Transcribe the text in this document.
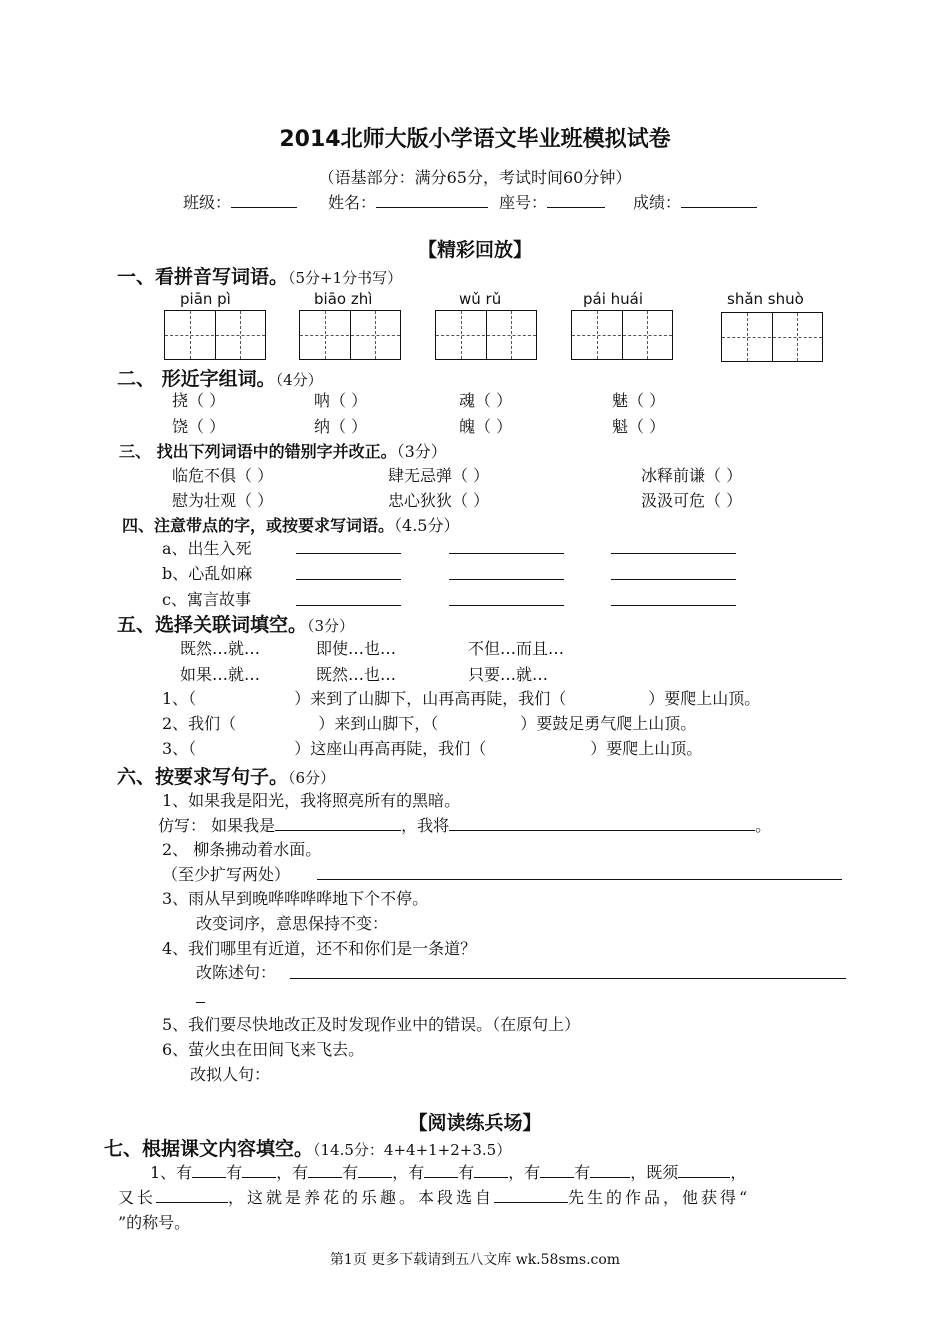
2014北师大版小学语文毕业班模拟试卷
（语基部分：满分65分，考试时间60分钟）
班级：	姓名：	座号：	成绩：
【精彩回放】
一、看拼音写词语。（5分+1分书写）
piān pì	biāo zhì	wǔ rǔ	pái huái	shǎn shuò
二、 形近字组词。（4分）
挠（ ）	呐（ ）	魂（ ）	魅（ ）
饶（ ）	纳（ ）	魄（ ）	魁（ ）
三、 找出下列词语中的错别字并改正。（3分）
临危不俱（ ）	肆无忌弹（ ）	冰释前谦（ ）
慰为壮观（ ）	忠心狄狄（ ）	汲汲可危（ ）
四、注意带点的字，或按要求写词语。（4.5分）
a、出生入死
b、心乱如麻
c、寓言故事
五、选择关联词填空。（3分）
既然…就…	即使…也…	不但…而且…
如果…就…	既然…也…	只要…就…
1、（	）来到了山脚下，山再高再陡，我们（	）要爬上山顶。
2、我们（	）来到山脚下，（	）要鼓足勇气爬上山顶。
3、（	）这座山再高再陡，我们（	）要爬上山顶。
六、按要求写句子。（6分）
1、如果我是阳光，我将照亮所有的黑暗。
仿写： 如果我是	，我将	。
2、 柳条拂动着水面。
（至少扩写两处）
3、雨从早到晚哗哗哗哗地下个不停。
改变词序，意思保持不变：
4、我们哪里有近道，还不和你们是一条道？
改陈述句：
5、我们要尽快地改正及时发现作业中的错误。（在原句上）
6、萤火虫在田间飞来飞去。
改拟人句：
【阅读练兵场】
七、根据课文内容填空。（14.5分：4+4+1+2+3.5）
1、有 有 ，有 有 ，有 有 ，有 有	，既须	，
又长	，这就是养花的乐趣。本段选自	先生的作品，他获得“
”的称号。
第1页 更多下载请到五八文库 wk.58sms.com
